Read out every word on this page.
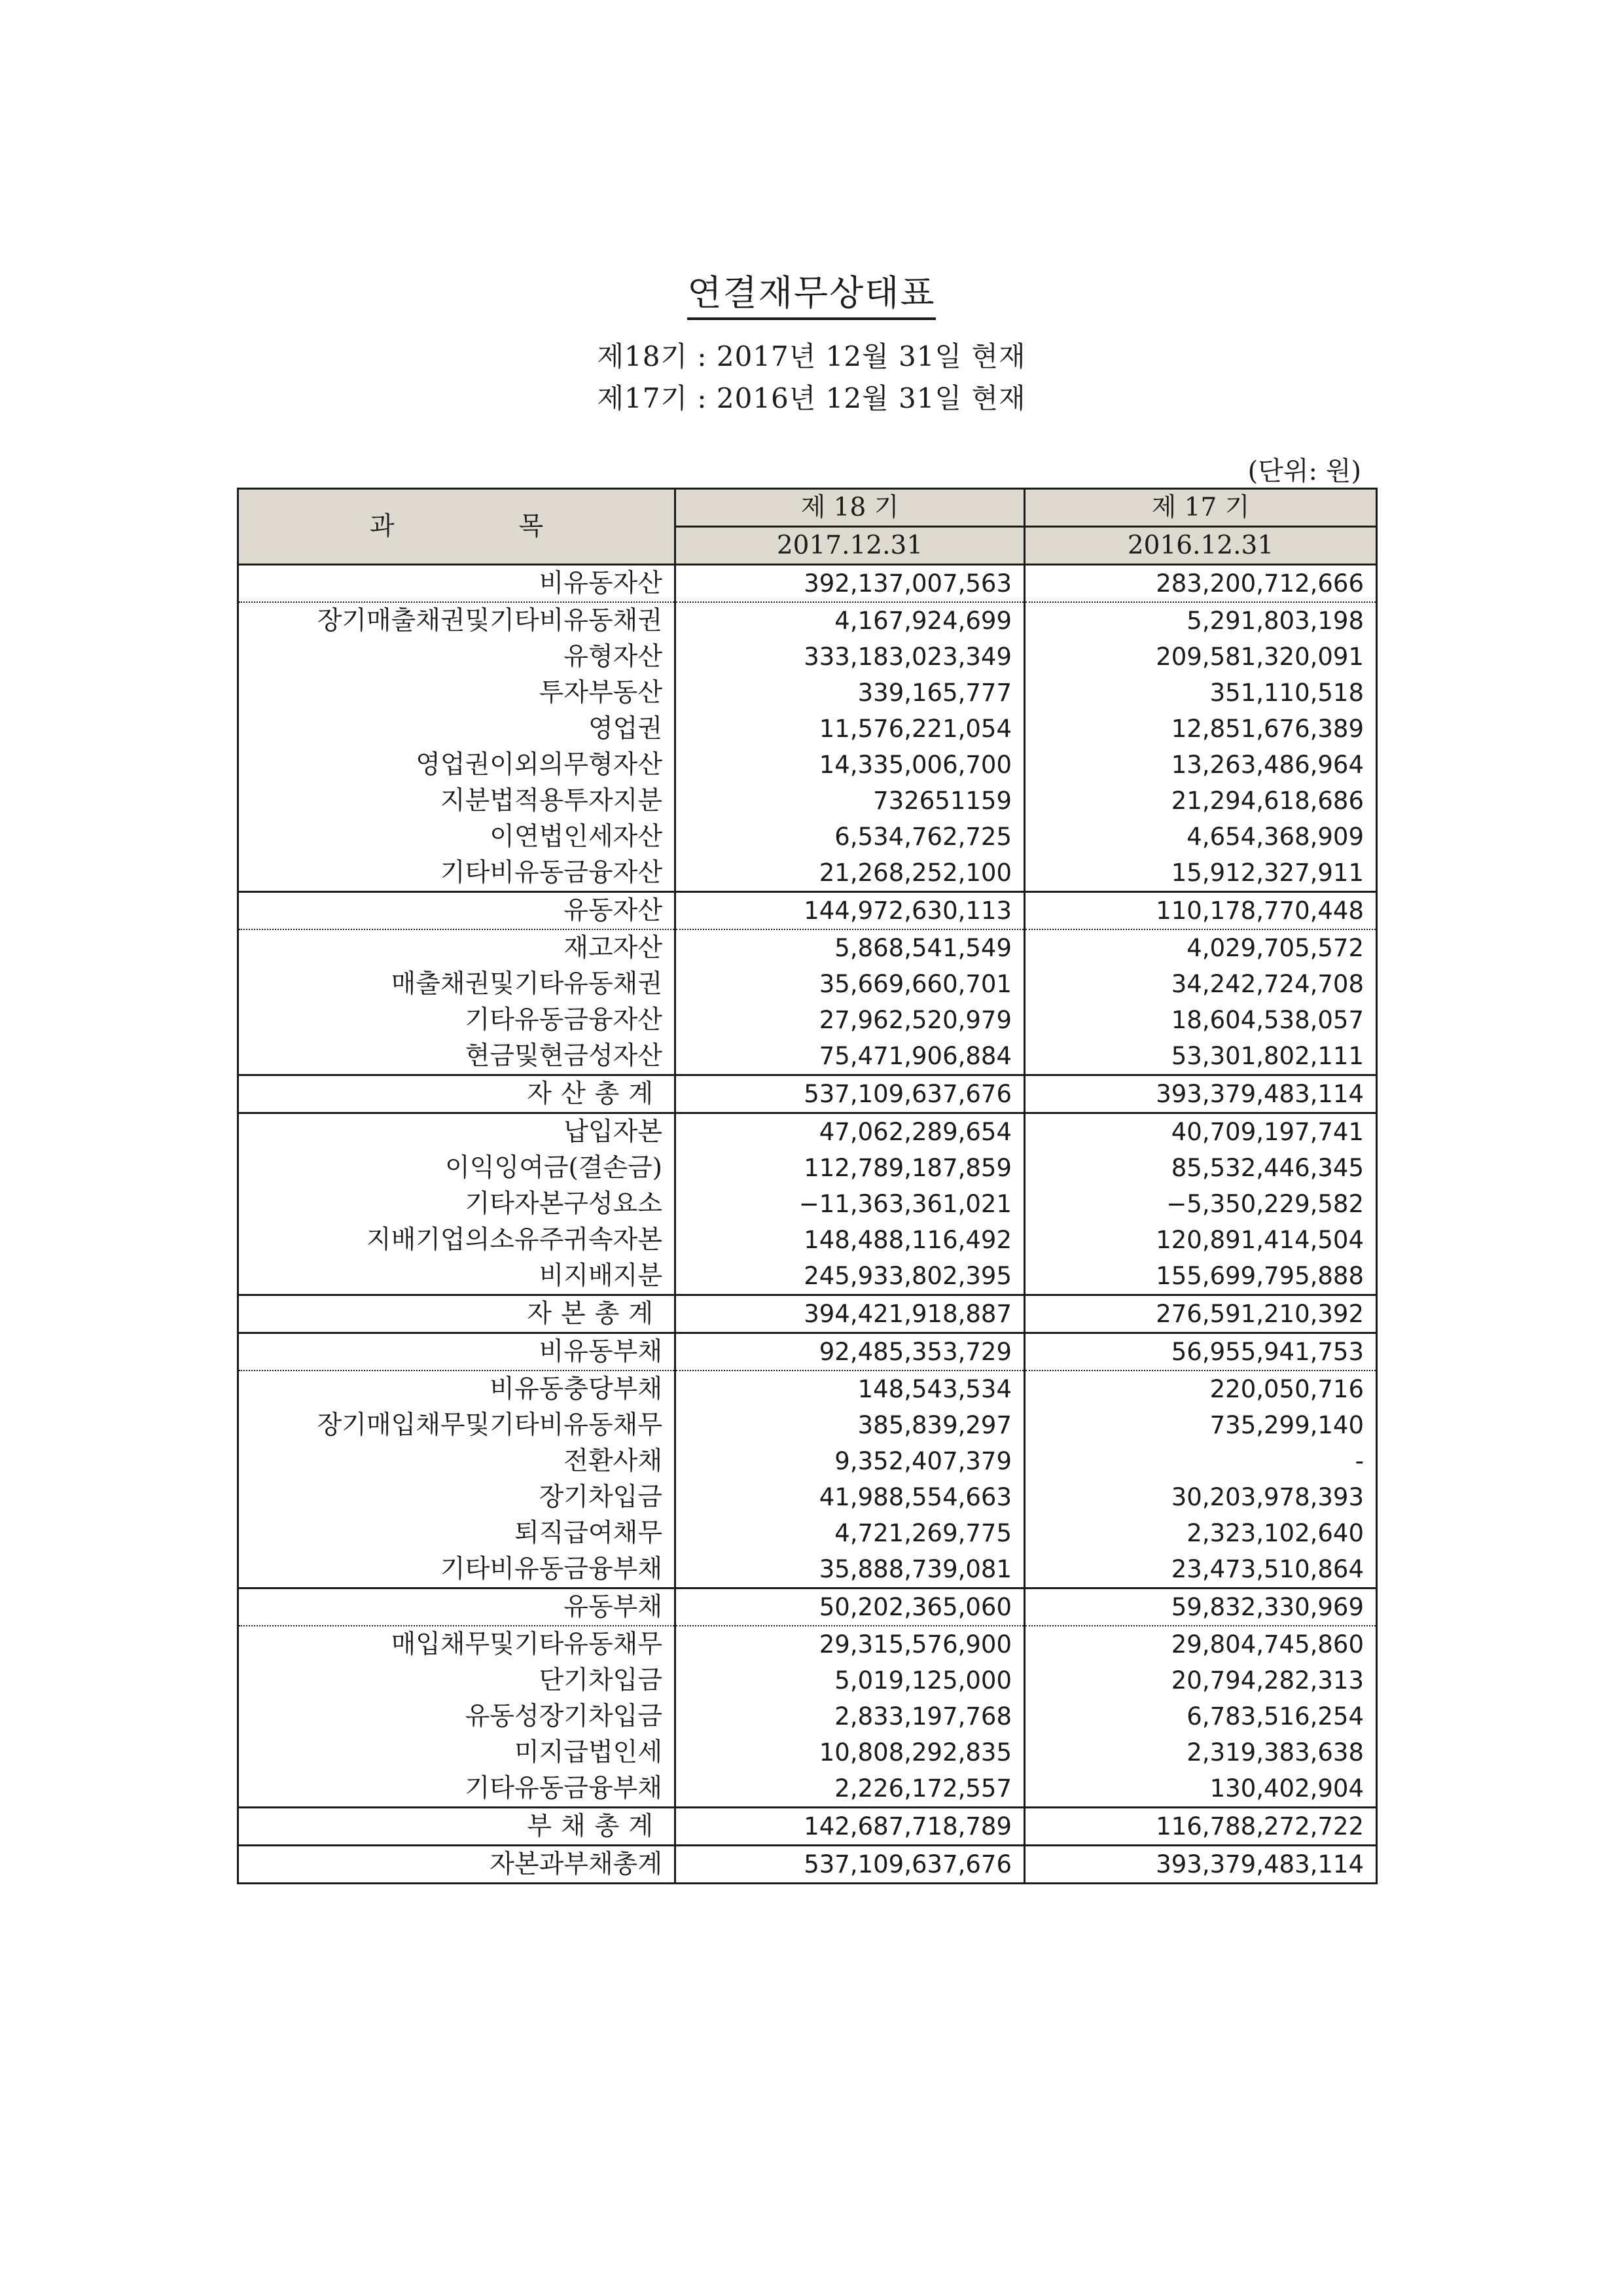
연결재무상태표
제18기 : 2017년 12월 31일 현재
제17기 : 2016년 12월 31일 현재
(단위: 원)
과 목	제 18 기	제 17 기
	2017.12.31	2016.12.31
비유동자산	392,137,007,563	283,200,712,666
장기매출채권및기타비유동채권	4,167,924,699	5,291,803,198
유형자산	333,183,023,349	209,581,320,091
투자부동산	339,165,777	351,110,518
영업권	11,576,221,054	12,851,676,389
영업권이외의무형자산	14,335,006,700	13,263,486,964
지분법적용투자지분	732651159	21,294,618,686
이연법인세자산	6,534,762,725	4,654,368,909
기타비유동금융자산	21,268,252,100	15,912,327,911
유동자산	144,972,630,113	110,178,770,448
재고자산	5,868,541,549	4,029,705,572
매출채권및기타유동채권	35,669,660,701	34,242,724,708
기타유동금융자산	27,962,520,979	18,604,538,057
현금및현금성자산	75,471,906,884	53,301,802,111
자산총계	537,109,637,676	393,379,483,114
납입자본	47,062,289,654	40,709,197,741
이익잉여금(결손금)	112,789,187,859	85,532,446,345
기타자본구성요소	−11,363,361,021	−5,350,229,582
지배기업의소유주귀속자본	148,488,116,492	120,891,414,504
비지배지분	245,933,802,395	155,699,795,888
자본총계	394,421,918,887	276,591,210,392
비유동부채	92,485,353,729	56,955,941,753
비유동충당부채	148,543,534	220,050,716
장기매입채무및기타비유동채무	385,839,297	735,299,140
전환사채	9,352,407,379	-
장기차입금	41,988,554,663	30,203,978,393
퇴직급여채무	4,721,269,775	2,323,102,640
기타비유동금융부채	35,888,739,081	23,473,510,864
유동부채	50,202,365,060	59,832,330,969
매입채무및기타유동채무	29,315,576,900	29,804,745,860
단기차입금	5,019,125,000	20,794,282,313
유동성장기차입금	2,833,197,768	6,783,516,254
미지급법인세	10,808,292,835	2,319,383,638
기타유동금융부채	2,226,172,557	130,402,904
부채총계	142,687,718,789	116,788,272,722
자본과부채총계	537,109,637,676	393,379,483,114
